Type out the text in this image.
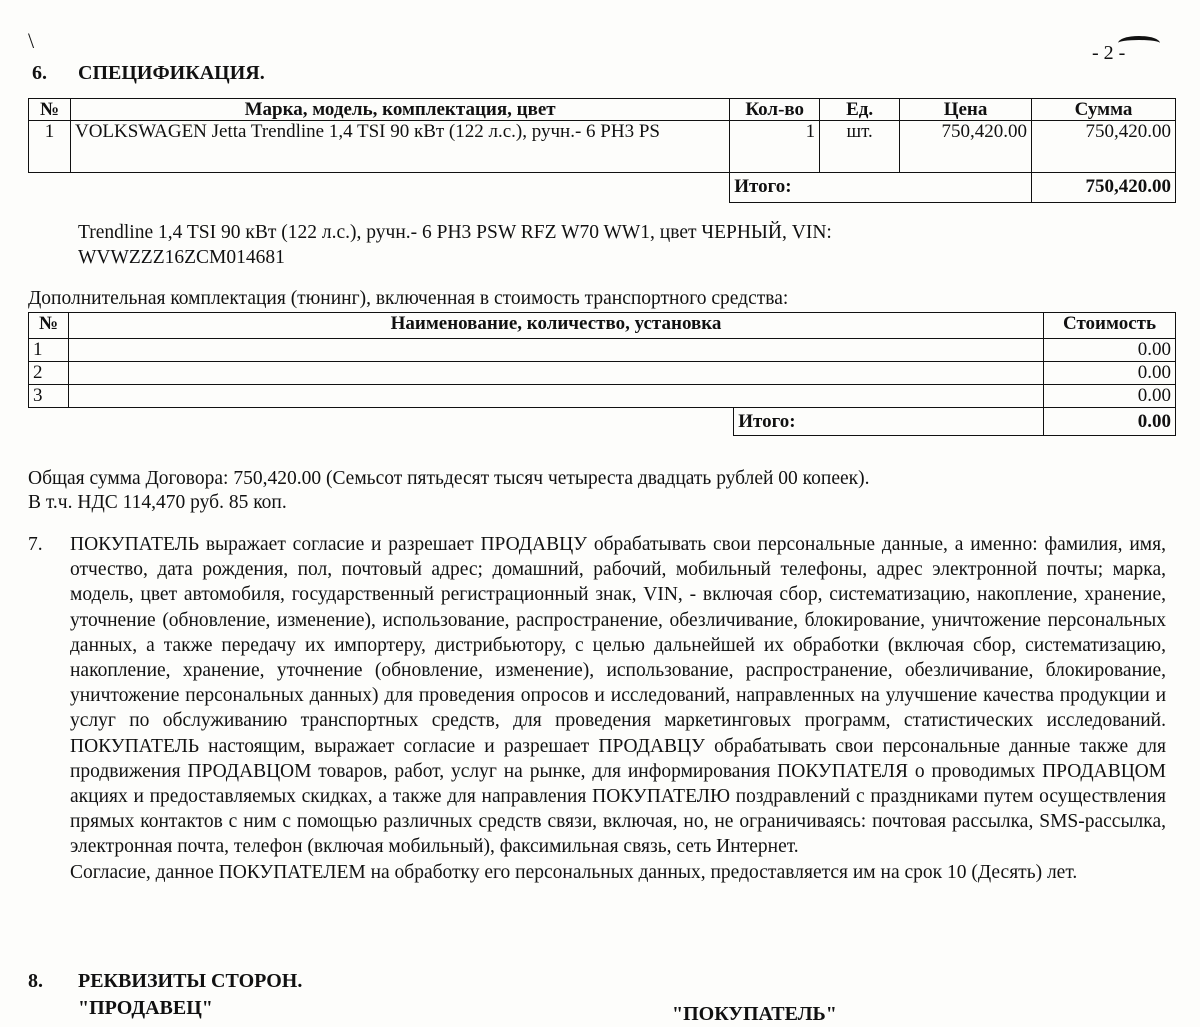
\	- 2 -
6. СПЕЦИФИКАЦИЯ.
№	Марка, модель, комплектация, цвет	Кол-во	Ед.	Цена	Сумма
1	VOLKSWAGEN Jetta Trendline 1,4 TSI 90 кВт (122 л.с.), ручн.- 6 PH3 PS	1	шт.	750,420.00	750,420.00
		Итого:			750,420.00
Trendline 1,4 TSI 90 кВт (122 л.с.), ручн.- 6 PH3 PSW RFZ W70 WW1, цвет ЧЕРНЫЙ, VIN: WVWZZZ16ZCM014681
Дополнительная комплектация (тюнинг), включенная в стоимость транспортного средства:
№	Наименование, количество, установка		Стоимость
1			0.00
2			0.00
3			0.00
		Итого:	0.00
Общая сумма Договора: 750,420.00 (Семьсот пятьдесят тысяч четыреста двадцать рублей 00 копеек).
В т.ч. НДС 114,470 руб. 85 коп.
7. ПОКУПАТЕЛЬ выражает согласие и разрешает ПРОДАВЦУ обрабатывать свои персональные данные, а именно: фамилия, имя, отчество, дата рождения, пол, почтовый адрес; домашний, рабочий, мобильный телефоны, адрес электронной почты; марка, модель, цвет автомобиля, государственный регистрационный знак, VIN, - включая сбор, систематизацию, накопление, хранение, уточнение (обновление, изменение), использование, распространение, обезличивание, блокирование, уничтожение персональных данных, а также передачу их импортеру, дистрибьютору, с целью дальнейшей их обработки (включая сбор, систематизацию, накопление, хранение, уточнение (обновление, изменение), использование, распространение, обезличивание, блокирование, уничтожение персональных данных) для проведения опросов и исследований, направленных на улучшение качества продукции и услуг по обслуживанию транспортных средств, для проведения маркетинговых программ, статистических исследований. ПОКУПАТЕЛЬ настоящим, выражает согласие и разрешает ПРОДАВЦУ обрабатывать свои персональные данные также для продвижения ПРОДАВЦОМ товаров, работ, услуг на рынке, для информирования ПОКУПАТЕЛЯ о проводимых ПРОДАВЦОМ акциях и предоставляемых скидках, а также для направления ПОКУПАТЕЛЮ поздравлений с праздниками путем осуществления прямых контактов с ним с помощью различных средств связи, включая, но, не ограничиваясь: почтовая рассылка, SMS-рассылка, электронная почта, телефон (включая мобильный), факсимильная связь, сеть Интернет.

Согласие, данное ПОКУПАТЕЛЕМ на обработку его персональных данных, предоставляется им на срок 10 (Десять) лет.

8. РЕКВИЗИТЫ СТОРОН.
"ПРОДАВЕЦ"	"ПОКУПАТЕЛЬ"
